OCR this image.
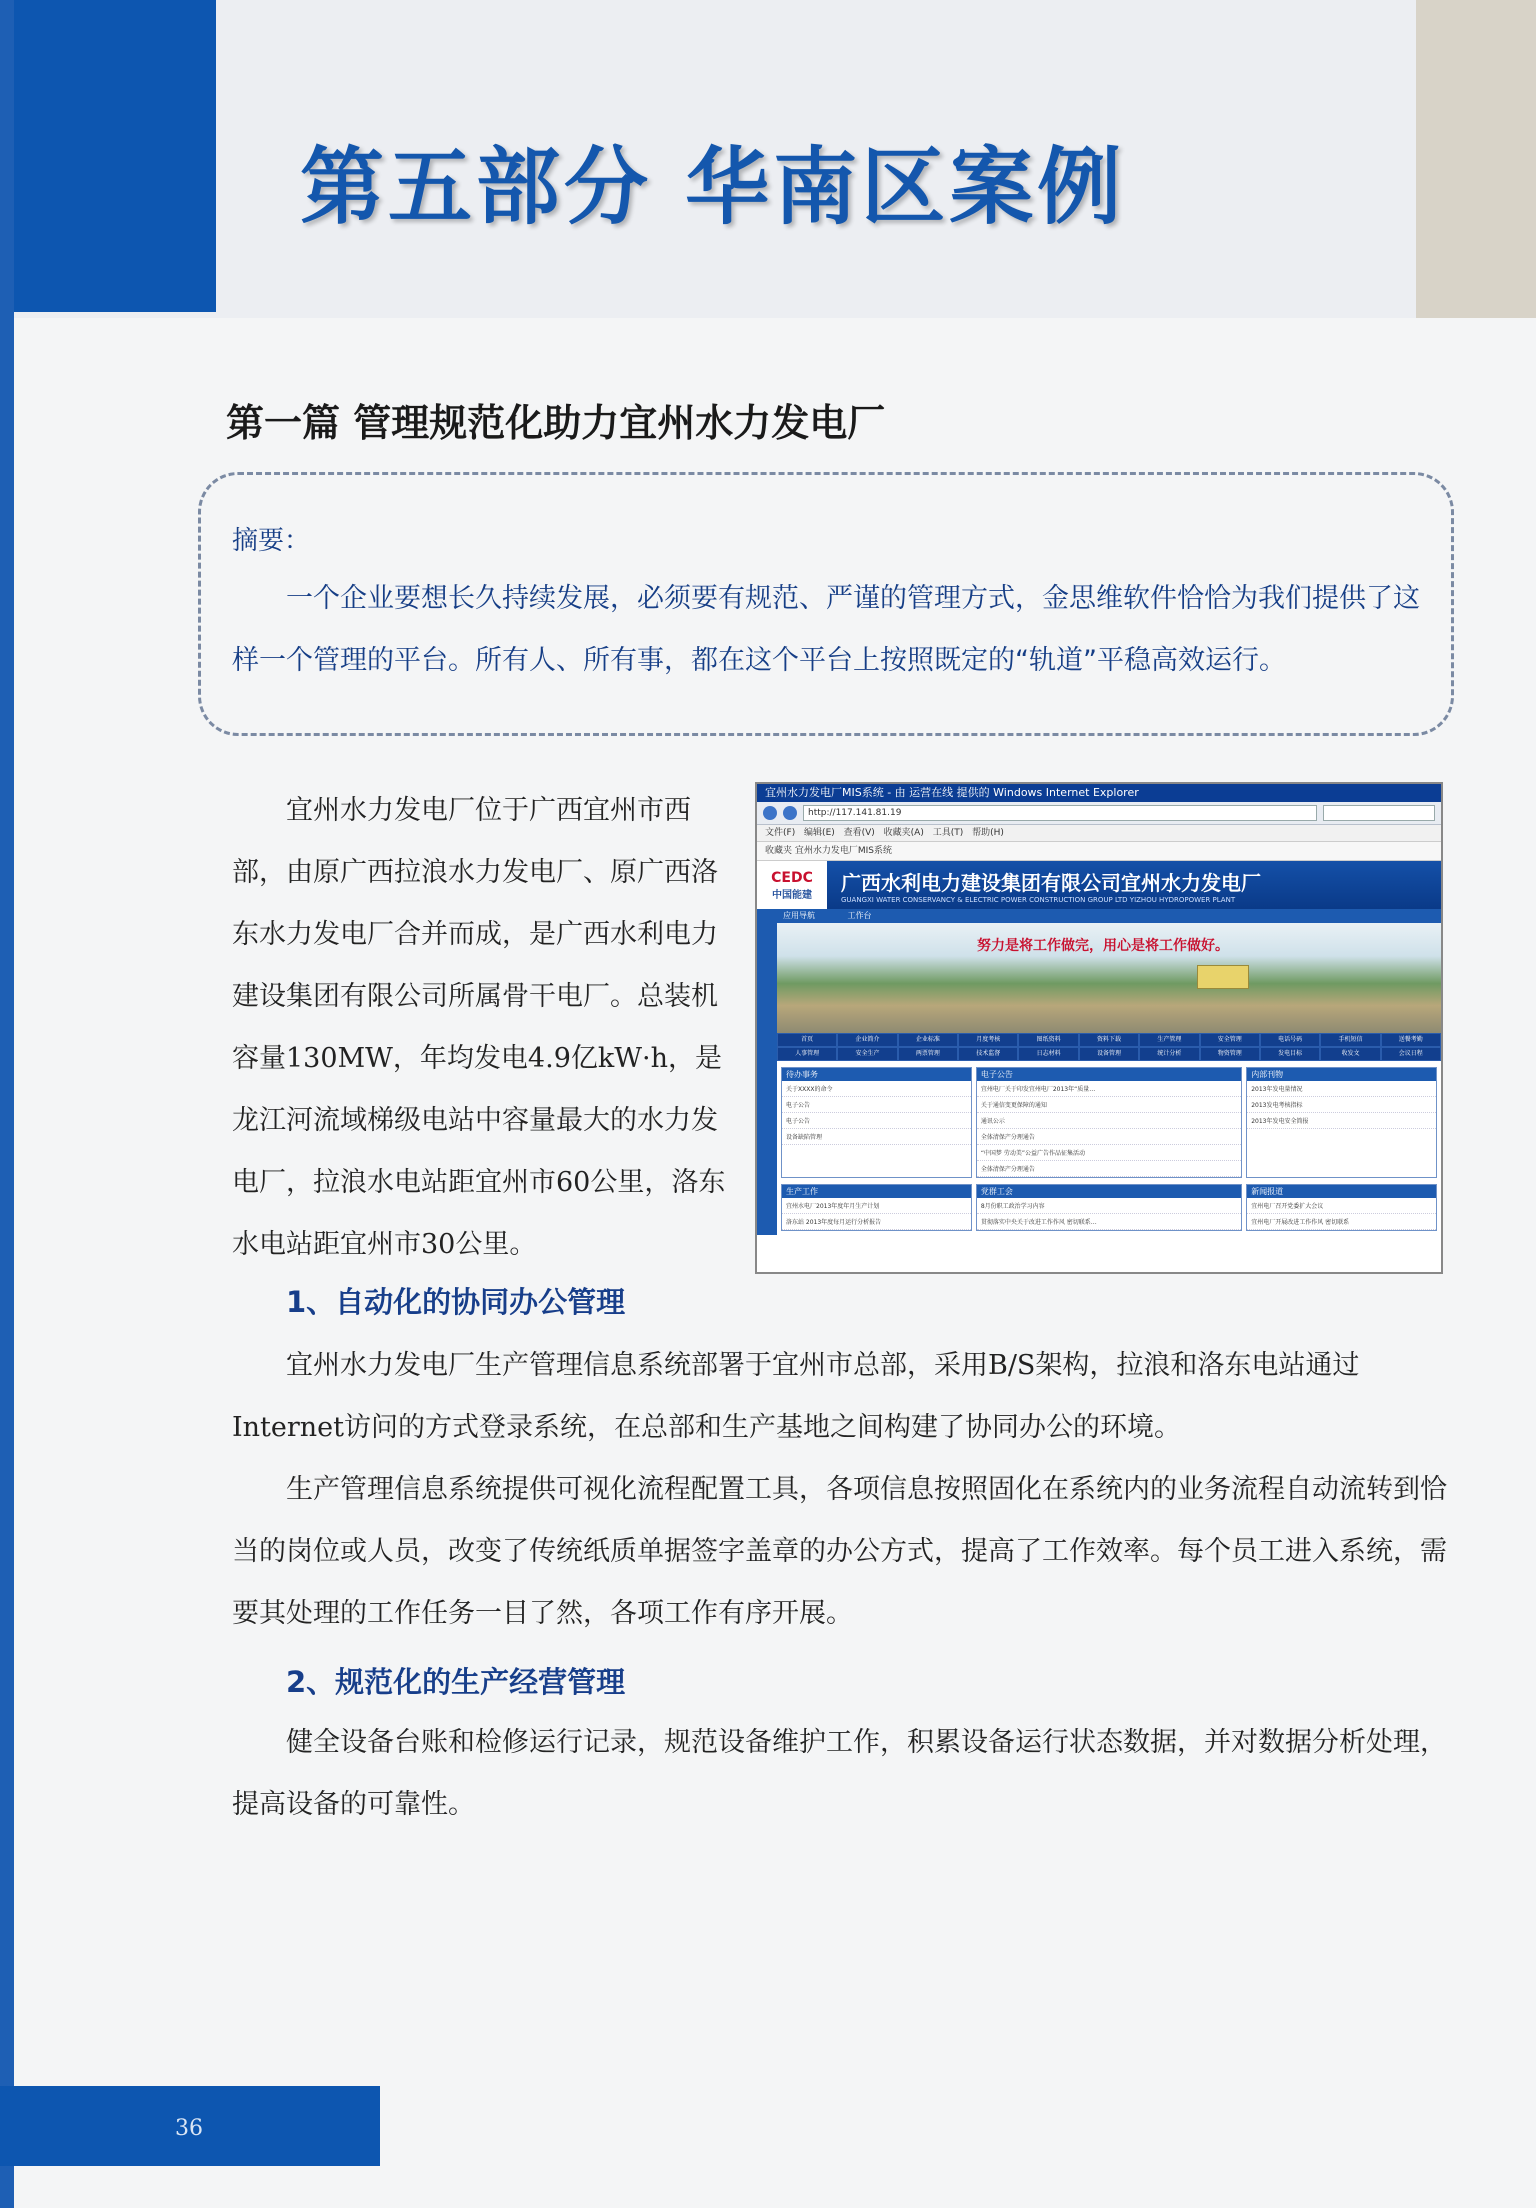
第五部分 华南区案例
第一篇 管理规范化助力宜州水力发电厂
摘要：
一个企业要想长久持续发展，必须要有规范、严谨的管理方式，金思维软件恰恰为我们提供了这样一个管理的平台。所有人、所有事，都在这个平台上按照既定的“轨道”平稳高效运行。
宜州水力发电厂位于广西宜州市西部，由原广西拉浪水力发电厂、原广西洛东水力发电厂合并而成，是广西水利电力建设集团有限公司所属骨干电厂。总装机容量130MW，年均发电4.9亿kW·h，是龙江河流域梯级电站中容量最大的水力发电厂，拉浪水电站距宜州市60公里，洛东水电站距宜州市30公里。
宜州水力发电厂MIS系统 - 由 运营在线 提供的 Windows Internet Explorer
http://117.141.81.19
文件(F) 编辑(E) 查看(V) 收藏夹(A) 工具(T) 帮助(H)
收藏夹 宜州水力发电厂MIS系统
CEDC
中国能建
广西水利电力建设集团有限公司宜州水力发电厂
GUANGXI WATER CONSERVANCY & ELECTRIC POWER CONSTRUCTION GROUP LTD YIZHOU HYDROPOWER PLANT
应用导航 工作台
努力是将工作做完，用心是将工作做好。
首页	企业简介	企业标准	月度考核	图纸资料	资料下载	生产管理	安全管理	电话号码	手机短信	送餐考勤
人事管理	安全生产	两票管理	技术监督	日志材料	设备管理	统计分析	物资管理	发电目标	收发文	会议日程
待办事务
关于XXXX的命令
电子公告
电子公告
设备缺陷管理
电子公告
宜州电厂关于印发宜州电厂2013年“质量…
关于通信变更保障的通知
通讯公示
全体清保产分理通告
“中国梦 劳动美”公益广告作品征集活动
全体清保产分理通告
内部刊物
2013年发电量情况
2013发电考核指标
2013年发电安全简报
生产工作
宜州水电厂2013年度年月生产计划
洛东站 2013年度每月运行分析报告
党群工会
8月份职工政治学习内容
贯彻落实中央关于改进工作作风 密切联系…
新闻报道
宜州电厂召开党委扩大会议
宜州电厂开展改进工作作风 密切联系
1、自动化的协同办公管理
宜州水力发电厂生产管理信息系统部署于宜州市总部，采用B/S架构，拉浪和洛东电站通过Internet访问的方式登录系统，在总部和生产基地之间构建了协同办公的环境。
生产管理信息系统提供可视化流程配置工具，各项信息按照固化在系统内的业务流程自动流转到恰当的岗位或人员，改变了传统纸质单据签字盖章的办公方式，提高了工作效率。每个员工进入系统，需要其处理的工作任务一目了然，各项工作有序开展。
2、规范化的生产经营管理
健全设备台账和检修运行记录，规范设备维护工作，积累设备运行状态数据，并对数据分析处理，提高设备的可靠性。
36
